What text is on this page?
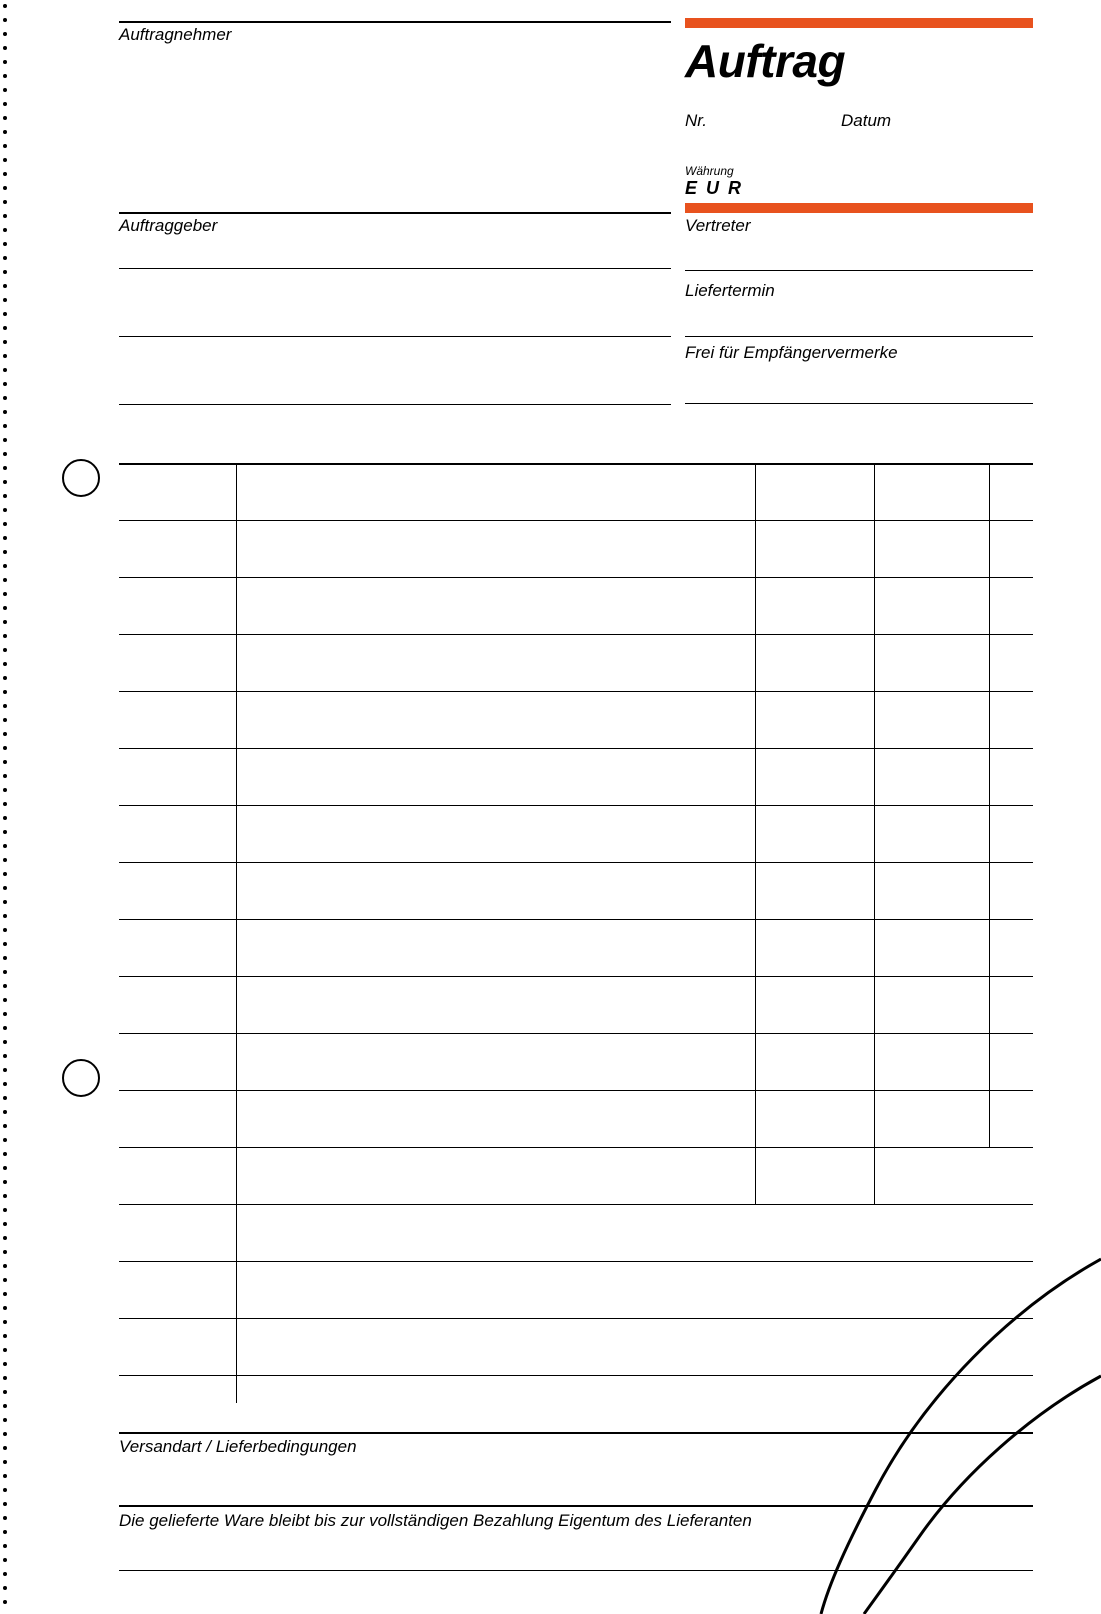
Auftragnehmer
Auftraggeber
Auftrag
Nr.	Datum
Währung
E U R
Vertreter
Liefertermin
Frei für Empfängervermerke
Versandart / Lieferbedingungen
Die gelieferte Ware bleibt bis zur vollständigen Bezahlung Eigentum des Lieferanten
